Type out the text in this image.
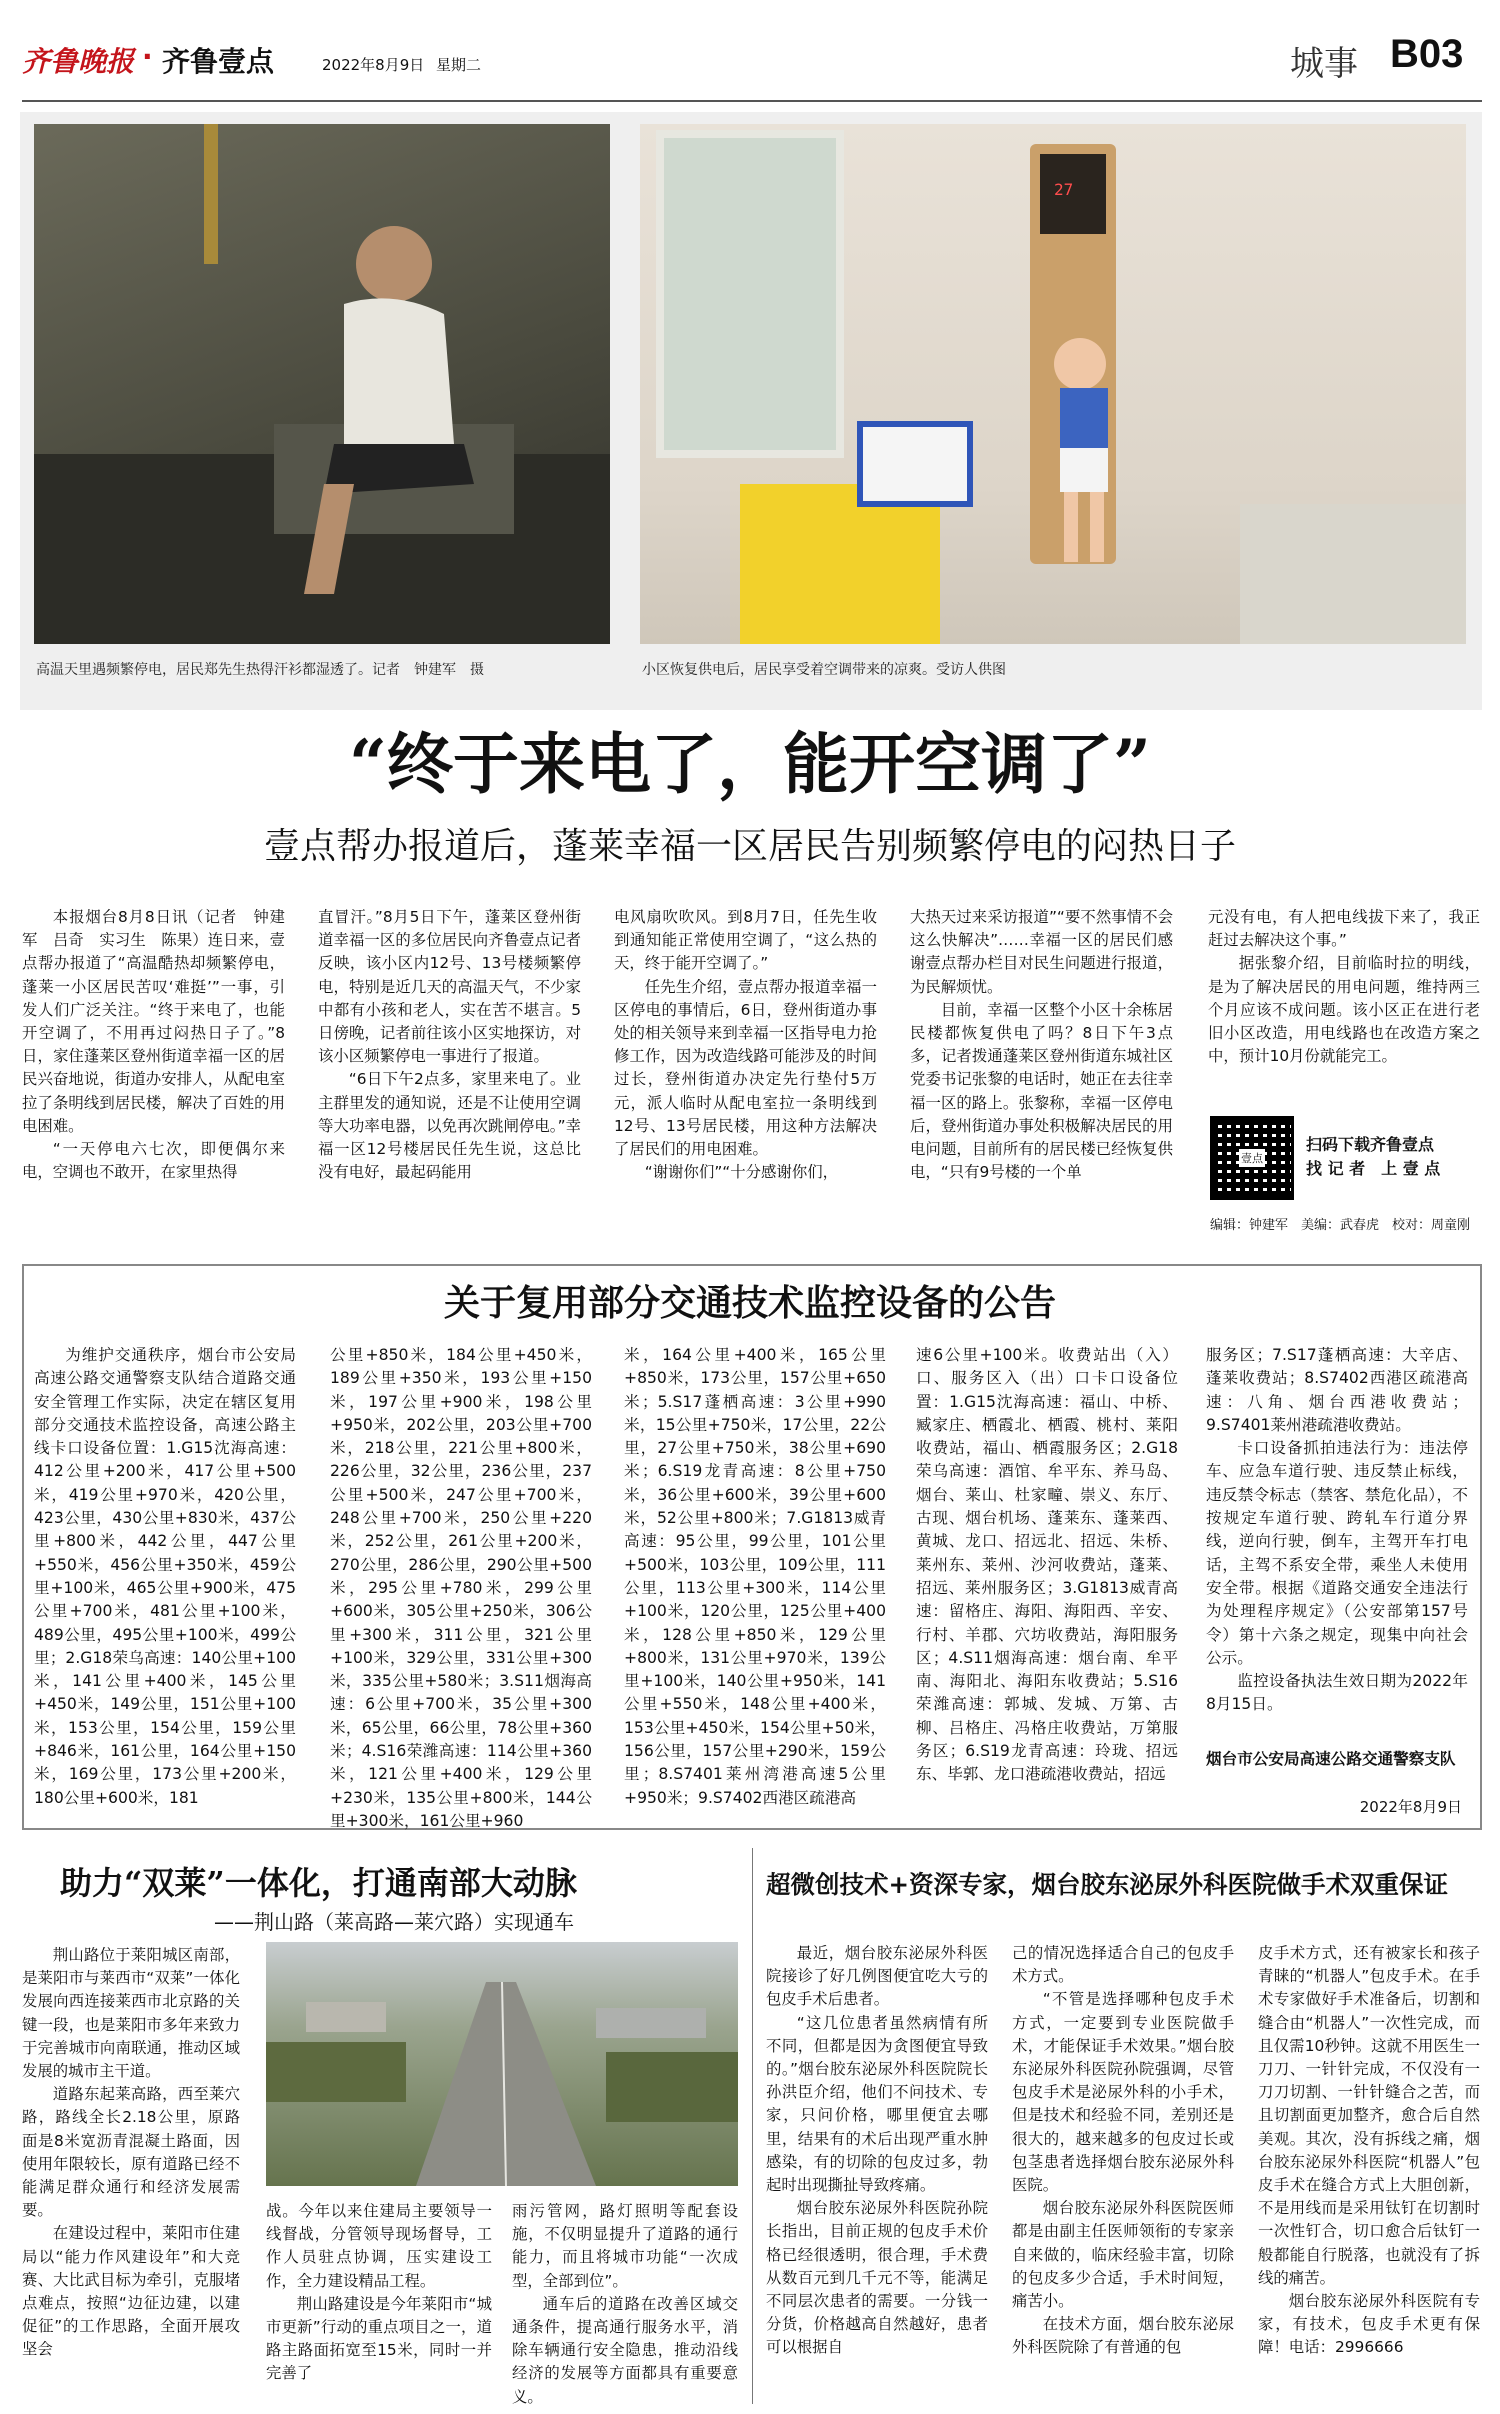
齐鲁晚报 · 齐鲁壹点	2022年8月9日 星期二	城事 B03
高温天里遇频繁停电，居民郑先生热得汗衫都湿透了。记者　钟建军　摄
27
小区恢复供电后，居民享受着空调带来的凉爽。受访人供图
“终于来电了，能开空调了”
壹点帮办报道后，蓬莱幸福一区居民告别频繁停电的闷热日子

本报烟台8月8日讯（记者　钟建军　吕奇　实习生　陈果）连日来，壹点帮办报道了“高温酷热却频繁停电，蓬莱一小区居民苦叹‘难挺’”一事，引发人们广泛关注。“终于来电了，也能开空调了，不用再过闷热日子了。”8日，家住蓬莱区登州街道幸福一区的居民兴奋地说，街道办安排人，从配电室拉了条明线到居民楼，解决了百姓的用电困难。

“一天停电六七次，即便偶尔来电，空调也不敢开，在家里热得

直冒汗。”8月5日下午，蓬莱区登州街道幸福一区的多位居民向齐鲁壹点记者反映，该小区内12号、13号楼频繁停电，特别是近几天的高温天气，不少家中都有小孩和老人，实在苦不堪言。5日傍晚，记者前往该小区实地探访，对该小区频繁停电一事进行了报道。

“6日下午2点多，家里来电了。业主群里发的通知说，还是不让使用空调等大功率电器，以免再次跳闸停电。”幸福一区12号楼居民任先生说，这总比没有电好，最起码能用

电风扇吹吹风。到8月7日，任先生收到通知能正常使用空调了，“这么热的天，终于能开空调了。”

任先生介绍，壹点帮办报道幸福一区停电的事情后，6日，登州街道办事处的相关领导来到幸福一区指导电力抢修工作，因为改造线路可能涉及的时间过长，登州街道办决定先行垫付5万元，派人临时从配电室拉一条明线到12号、13号居民楼，用这种方法解决了居民们的用电困难。

“谢谢你们”“十分感谢你们，

大热天过来采访报道”“要不然事情不会这么快解决”……幸福一区的居民们感谢壹点帮办栏目对民生问题进行报道，为民解烦忧。

目前，幸福一区整个小区十余栋居民楼都恢复供电了吗？8日下午3点多，记者拨通蓬莱区登州街道东城社区党委书记张黎的电话时，她正在去往幸福一区的路上。张黎称，幸福一区停电后，登州街道办事处积极解决居民的用电问题，目前所有的居民楼已经恢复供电，“只有9号楼的一个单

元没有电，有人把电线拔下来了，我正赶过去解决这个事。”

据张黎介绍，目前临时拉的明线，是为了解决居民的用电问题，维持两三个月应该不成问题。该小区正在进行老旧小区改造，用电线路也在改造方案之中，预计10月份就能完工。

壹点
扫码下载齐鲁壹点
找 记 者　上 壹 点
编辑：钟建军　美编：武春虎　校对：周童刚
关于复用部分交通技术监控设备的公告

为维护交通秩序，烟台市公安局高速公路交通警察支队结合道路交通安全管理工作实际，决定在辖区复用部分交通技术监控设备，高速公路主线卡口设备位置：1.G15沈海高速：412公里+200米，417公里+500米，419公里+970米，420公里，423公里，430公里+830米，437公里+800米，442公里，447公里+550米，456公里+350米，459公里+100米，465公里+900米，475公里+700米，481公里+100米，489公里，495公里+100米，499公里；2.G18荣乌高速：140公里+100米，141公里+400米，145公里+450米，149公里，151公里+100米，153公里，154公里，159公里+846米，161公里，164公里+150米，169公里，173公里+200米，180公里+600米，181

公里+850米，184公里+450米，189公里+350米，193公里+150米，197公里+900米，198公里+950米，202公里，203公里+700米，218公里，221公里+800米，226公里，32公里，236公里，237公里+500米，247公里+700米，248公里+700米，250公里+220米，252公里，261公里+200米，270公里，286公里，290公里+500米，295公里+780米，299公里+600米，305公里+250米，306公里+300米，311公里，321公里+100米，329公里，331公里+300米，335公里+580米；3.S11烟海高速：6公里+700米，35公里+300米，65公里，66公里，78公里+360米；4.S16荣潍高速：114公里+360米，121公里+400米，129公里+230米，135公里+800米，144公里+300米，161公里+960

米，164公里+400米，165公里+850米，173公里，157公里+650米；5.S17蓬栖高速：3公里+990米，15公里+750米，17公里，22公里，27公里+750米，38公里+690米；6.S19龙青高速：8公里+750米，36公里+600米，39公里+600米，52公里+800米；7.G1813威青高速：95公里，99公里，101公里+500米，103公里，109公里，111公里，113公里+300米，114公里+100米，120公里，125公里+400米，128公里+850米，129公里+800米，131公里+970米，139公里+100米，140公里+950米，141公里+550米，148公里+400米，153公里+450米，154公里+50米，156公里，157公里+290米，159公里；8.S7401莱州湾港高速5公里+950米；9.S7402西港区疏港高

速6公里+100米。收费站出（入）口、服务区入（出）口卡口设备位置：1.G15沈海高速：福山、中桥、臧家庄、栖霞北、栖霞、桃村、莱阳收费站，福山、栖霞服务区；2.G18荣乌高速：酒馆、牟平东、养马岛、烟台、莱山、杜家疃、崇义、东厅、古现、烟台机场、蓬莱东、蓬莱西、黄城、龙口、招远北、招远、朱桥、莱州东、莱州、沙河收费站，蓬莱、招远、莱州服务区；3.G1813威青高速：留格庄、海阳、海阳西、辛安、行村、羊郡、穴坊收费站，海阳服务区；4.S11烟海高速：烟台南、牟平南、海阳北、海阳东收费站；5.S16荣潍高速：郭城、发城、万第、古柳、吕格庄、冯格庄收费站，万第服务区；6.S19龙青高速：玲珑、招远东、毕郭、龙口港疏港收费站，招远

服务区；7.S17蓬栖高速：大辛店、蓬莱收费站；8.S7402西港区疏港高速：八角、烟台西港收费站；9.S7401莱州港疏港收费站。

卡口设备抓拍违法行为：违法停车、应急车道行驶、违反禁止标线，违反禁令标志（禁客、禁危化品），不按规定车道行驶、跨轧车行道分界线，逆向行驶，倒车，主驾开车打电话，主驾不系安全带，乘坐人未使用安全带。根据《道路交通安全违法行为处理程序规定》（公安部第157号令）第十六条之规定，现集中向社会公示。

监控设备执法生效日期为2022年8月15日。

烟台市公安局高速公路交通警察支队
2022年8月9日
助力“双莱”一体化，打通南部大动脉
——荆山路（莱高路—莱穴路）实现通车

荆山路位于莱阳城区南部，是莱阳市与莱西市“双莱”一体化发展向西连接莱西市北京路的关键一段，也是莱阳市多年来致力于完善城市向南联通，推动区域发展的城市主干道。

道路东起莱高路，西至莱穴路，路线全长2.18公里，原路面是8米宽沥青混凝土路面，因使用年限较长，原有道路已经不能满足群众通行和经济发展需要。

在建设过程中，莱阳市住建局以“能力作风建设年”和大竞赛、大比武目标为牵引，克服堵点难点，按照“边征边建，以建促征”的工作思路，全面开展攻坚会

战。今年以来住建局主要领导一线督战，分管领导现场督导，工作人员驻点协调，压实建设工作，全力建设精品工程。

荆山路建设是今年莱阳市“城市更新”行动的重点项目之一，道路主路面拓宽至15米，同时一并完善了

雨污管网，路灯照明等配套设施，不仅明显提升了道路的通行能力，而且将城市功能“一次成型，全部到位”。

通车后的道路在改善区域交通条件，提高通行服务水平，消除车辆通行安全隐患，推动沿线经济的发展等方面都具有重要意义。

超微创技术+资深专家，烟台胶东泌尿外科医院做手术双重保证

最近，烟台胶东泌尿外科医院接诊了好几例图便宜吃大亏的包皮手术后患者。

“这几位患者虽然病情有所不同，但都是因为贪图便宜导致的。”烟台胶东泌尿外科医院院长孙洪臣介绍，他们不问技术、专家，只问价格，哪里便宜去哪里，结果有的术后出现严重水肿感染，有的切除的包皮过多，勃起时出现撕扯导致疼痛。

烟台胶东泌尿外科医院孙院长指出，目前正规的包皮手术价格已经很透明，很合理，手术费从数百元到几千元不等，能满足不同层次患者的需要。一分钱一分货，价格越高自然越好，患者可以根据自

己的情况选择适合自己的包皮手术方式。

“不管是选择哪种包皮手术方式，一定要到专业医院做手术，才能保证手术效果。”烟台胶东泌尿外科医院孙院强调，尽管包皮手术是泌尿外科的小手术，但是技术和经验不同，差别还是很大的，越来越多的包皮过长或包茎患者选择烟台胶东泌尿外科医院。

烟台胶东泌尿外科医院医师都是由副主任医师领衔的专家亲自来做的，临床经验丰富，切除的包皮多少合适，手术时间短，痛苦小。

在技术方面，烟台胶东泌尿外科医院除了有普通的包

皮手术方式，还有被家长和孩子青睐的“机器人”包皮手术。在手术专家做好手术准备后，切割和缝合由“机器人”一次性完成，而且仅需10秒钟。这就不用医生一刀刀、一针针完成，不仅没有一刀刀切割、一针针缝合之苦，而且切割面更加整齐，愈合后自然美观。其次，没有拆线之痛，烟台胶东泌尿外科医院“机器人”包皮手术在缝合方式上大胆创新，不是用线而是采用钛钉在切割时一次性钉合，切口愈合后钛钉一般都能自行脱落，也就没有了拆线的痛苦。

烟台胶东泌尿外科医院有专家，有技术，包皮手术更有保障！电话：2996666
